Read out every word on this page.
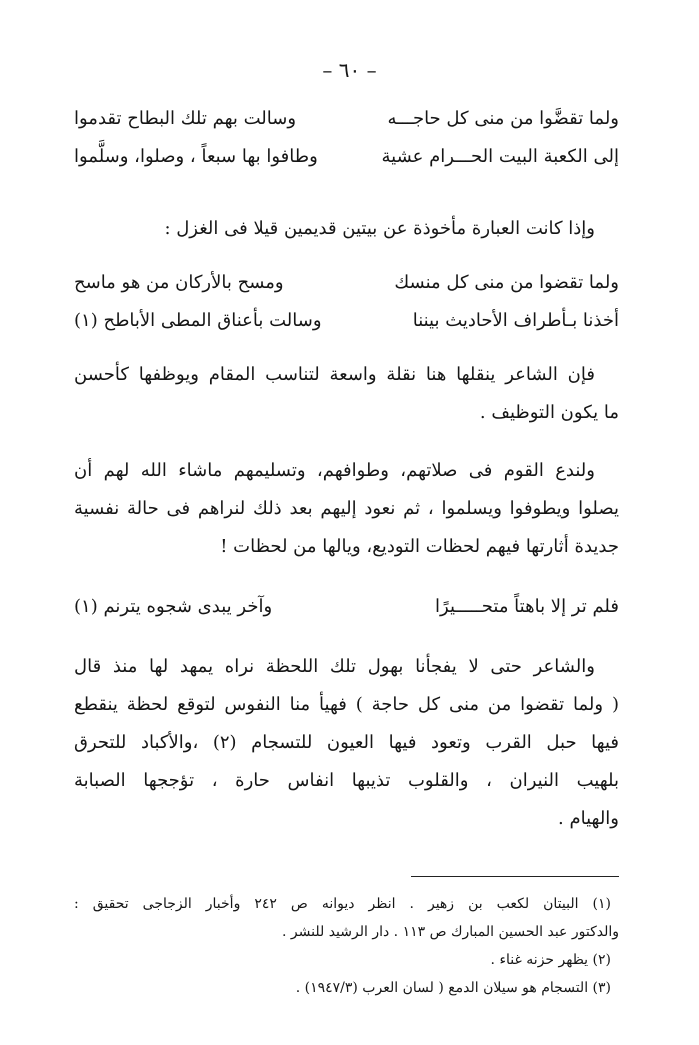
– ٦٠ –
ولما تقضَّوا من منى كل حاجـــه
وسالت بهم تلك البطاح تقدموا
إلى الكعبة البيت الحـــرام عشية
وطافوا بها سبعاً ، وصلوا، وسلَّموا
وإذا كانت العبارة مأخوذة عن بيتين قديمين قيلا فى الغزل :
ولما تقضوا من منى كل منسك
ومسح بالأركان من هو ماسح
أخذنا بـأطراف الأحاديث بيننا
وسالت بأعناق المطى الأباطح (١)
فإن الشاعر ينقلها هنا نقلة واسعة لتناسب المقام ويوظفها كأحسن
ما يكون التوظيف .
ولندع القوم فى صلاتهم، وطوافهم، وتسليمهم ماشاء الله لهم أن
يصلوا ويطوفوا ويسلموا ، ثم نعود إليهم بعد ذلك لنراهم فى حالة نفسية
جديدة أثارتها فيهم لحظات التوديع، ويالها من لحظات !
فلم تر إلا باهتاً متحـــــيرًا
وآخر يبدى شجوه يترنم (١)
والشاعر حتى لا يفجأنا بهول تلك اللحظة نراه يمهد لها منذ قال
( ولما تقضوا من منى كل حاجة ) فهيأ منا النفوس لتوقع لحظة ينقطع
فيها حبل القرب وتعود فيها العيون للتسجام (٢) ،والأكباد للتحرق
بلهيب النيران ، والقلوب تذيبها انفاس حارة ، تؤججها الصبابة
والهيام .
(١) البيتان لكعب بن زهير . انظر ديوانه ص ٢٤٢ وأخبار الزجاجى تحقيق :
والدكتور عبد الحسين المبارك ص ١١٣ . دار الرشيد للنشر .
(٢) يظهر حزنه غناء .
(٣) التسجام هو سيلان الدمع ( لسان العرب (١٩٤٧/٣) .
